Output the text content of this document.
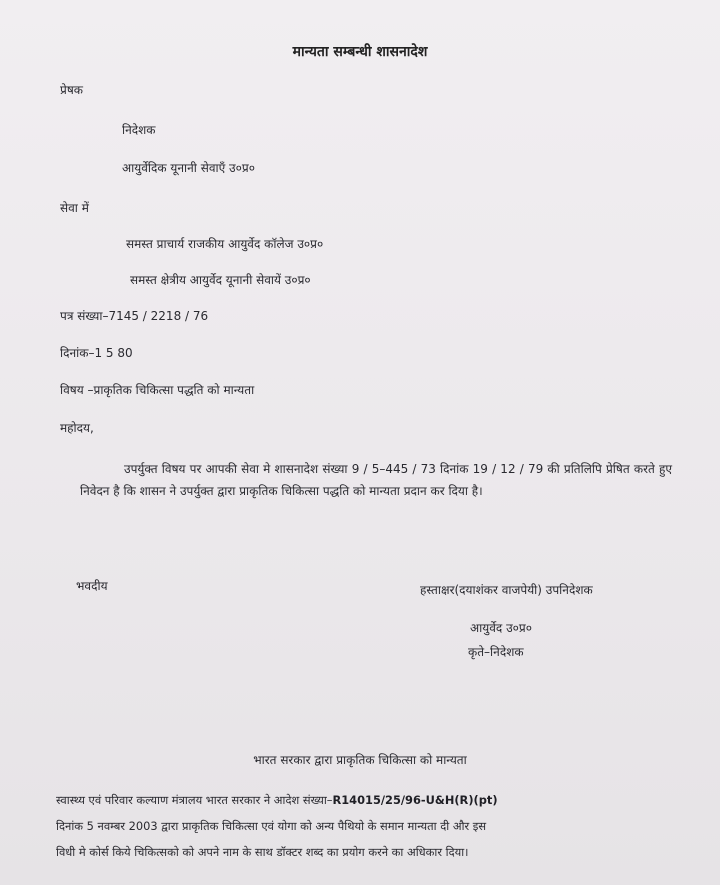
मान्यता सम्बन्धी शासनादेश
प्रेषक
निदेशक
आयुर्वेदिक यूनानी सेवाएँ उ०प्र०
सेवा में
समस्त प्राचार्य राजकीय आयुर्वेद कॉलेज उ०प्र०
समस्त क्षेत्रीय आयुर्वेद यूनानी सेवायें उ०प्र०
पत्र संख्या–7145 / 2218 / 76
दिनांक–1 5 80
विषय –प्राकृतिक चिकित्सा पद्धति को मान्यता
महोदय,
उपर्युक्त विषय पर आपकी सेवा मे शासनादेश संख्या 9 / 5–445 / 73 दिनांक 19 / 12 / 79 की प्रतिलिपि प्रेषित करते हुए निवेदन है कि शासन ने उपर्युक्त द्वारा प्राकृतिक चिकित्सा पद्धति को मान्यता प्रदान कर दिया है।
भवदीय	हस्ताक्षर(दयाशंकर वाजपेयी) उपनिदेशक
आयुर्वेद उ०प्र०
कृते–निदेशक
भारत सरकार द्वारा प्राकृतिक चिकित्सा को मान्यता
स्वास्थ्य एवं परिवार कल्याण मंत्रालय भारत सरकार ने आदेश संख्या–R14015/25/96-U&H(R)(pt)
दिनांक 5 नवम्बर 2003 द्वारा प्राकृतिक चिकित्सा एवं योगा को अन्य पैथियो के समान मान्यता दी और इस
विधी मे कोर्स किये चिकित्सको को अपने नाम के साथ डॉक्टर शब्द का प्रयोग करने का अधिकार दिया।
